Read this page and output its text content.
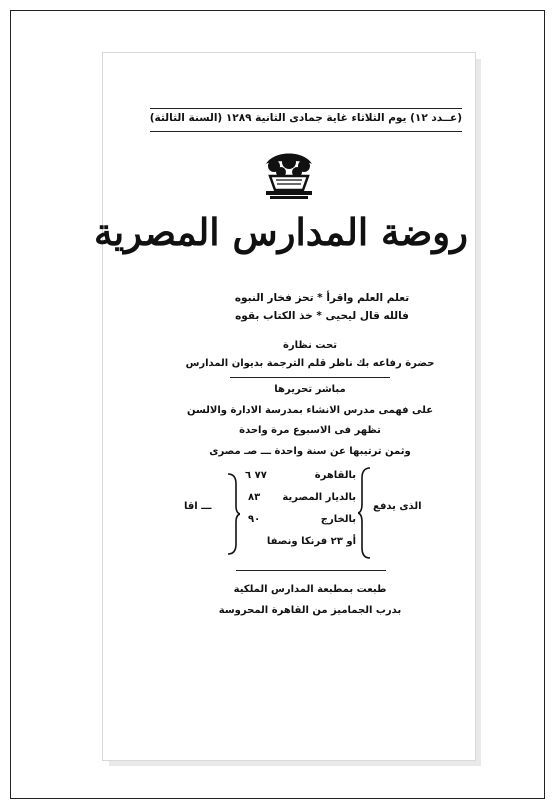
(عــدد ١٢) يوم الثلاثاء غاية جمادى الثانية ١٢٨٩ (السنة الثالثة)
روضة المدارس المصرية
تعلم العلم واقرأ * تحز فخار النبوه
فالله قال ليحيى * خذ الكتاب بقوه
تحت نظارة
حضرة رفاعه بك ناظر قلم الترجمة بديوان المدارس
مباشر تحريرها
على فهمى مدرس الانشاء بمدرسة الادارة والالسن
تظهر فى الاسبوع مرة واحدة
وثمن ترتيبها عن سنة واحدة ـــ صـ مصرى
الذى يدفع
بالقاهرة
٧٧ ٦
بالديار المصرية
٨٣
بالخارج
٩٠
أو ٢٣ فرنكا ونصفا
ـــ اقا
طبعت بمطبعة المدارس الملكية
بدرب الجماميز من القاهرة المحروسة
